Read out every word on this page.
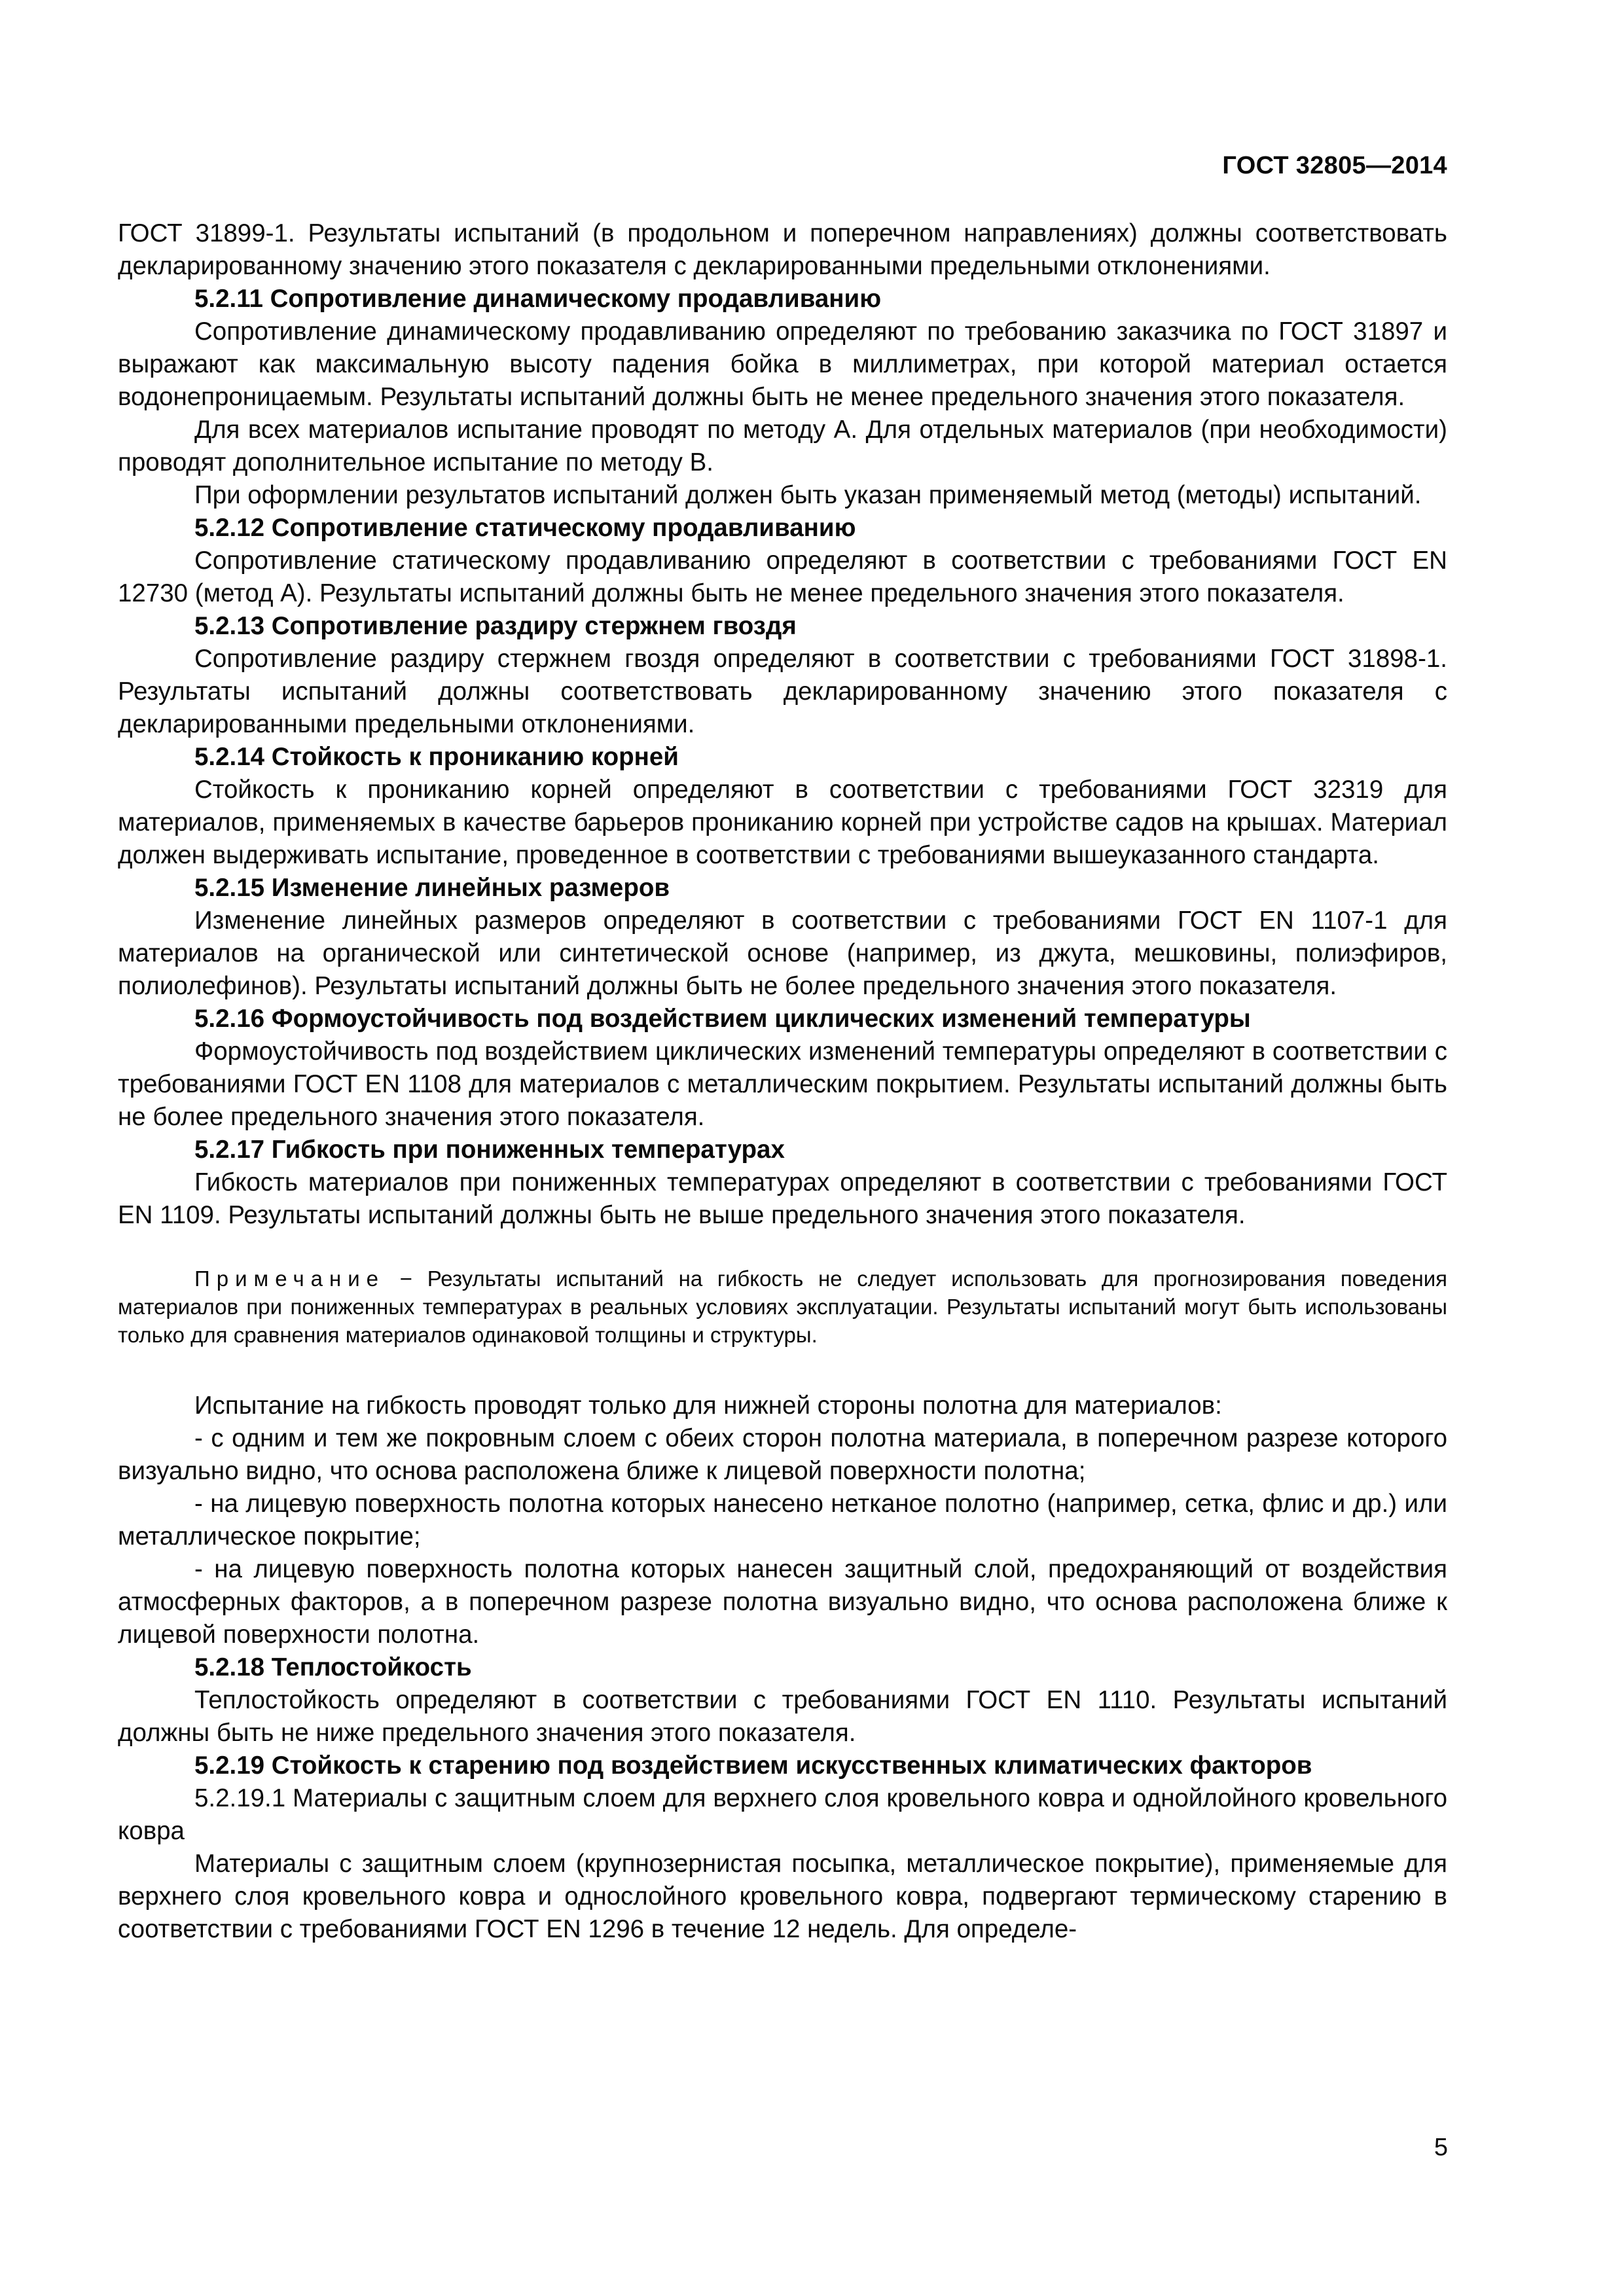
ГОСТ 32805—2014

ГОСТ 31899-1. Результаты испытаний (в продольном и поперечном направлениях) должны соответствовать декларированному значению этого показателя с декларированными предельными отклонениями.

5.2.11 Сопротивление динамическому продавливанию

Сопротивление динамическому продавливанию определяют по требованию заказчика по ГОСТ 31897 и выражают как максимальную высоту падения бойка в миллиметрах, при которой материал остается водонепроницаемым. Результаты испытаний должны быть не менее предельного значения этого показателя.

Для всех материалов испытание проводят по методу А. Для отдельных материалов (при необходимости) проводят дополнительное испытание по методу В.

При оформлении результатов испытаний должен быть указан применяемый метод (методы) испытаний.

5.2.12 Сопротивление статическому продавливанию

Сопротивление статическому продавливанию определяют в соответствии с требованиями ГОСТ EN 12730 (метод А). Результаты испытаний должны быть не менее предельного значения этого показателя.

5.2.13 Сопротивление раздиру стержнем гвоздя

Сопротивление раздиру стержнем гвоздя определяют в соответствии с требованиями ГОСТ 31898-1. Результаты испытаний должны соответствовать декларированному значению этого показателя с декларированными предельными отклонениями.

5.2.14 Стойкость к прониканию корней

Стойкость к прониканию корней определяют в соответствии с требованиями ГОСТ 32319 для материалов, применяемых в качестве барьеров прониканию корней при устройстве садов на крышах. Материал должен выдерживать испытание, проведенное в соответствии с требованиями вышеуказанного стандарта.

5.2.15 Изменение линейных размеров

Изменение линейных размеров определяют в соответствии с требованиями ГОСТ EN 1107-1 для материалов на органической или синтетической основе (например, из джута, мешковины, полиэфиров, полиолефинов). Результаты испытаний должны быть не более предельного значения этого показателя.

5.2.16 Формоустойчивость под воздействием циклических изменений температуры

Формоустойчивость под воздействием циклических изменений температуры определяют в соответствии с требованиями ГОСТ EN 1108 для материалов с металлическим покрытием. Результаты испытаний должны быть не более предельного значения этого показателя.

5.2.17 Гибкость при пониженных температурах

Гибкость материалов при пониженных температурах определяют в соответствии с требованиями ГОСТ EN 1109. Результаты испытаний должны быть не выше предельного значения этого показателя.

Примечание − Результаты испытаний на гибкость не следует использовать для прогнозирования поведения материалов при пониженных температурах в реальных условиях эксплуатации. Результаты испытаний могут быть использованы только для сравнения материалов одинаковой толщины и структуры.

Испытание на гибкость проводят только для нижней стороны полотна для материалов:

- с одним и тем же покровным слоем с обеих сторон полотна материала, в поперечном разрезе которого визуально видно, что основа расположена ближе к лицевой поверхности полотна;

- на лицевую поверхность полотна которых нанесено нетканое полотно (например, сетка, флис и др.) или металлическое покрытие;

- на лицевую поверхность полотна которых нанесен защитный слой, предохраняющий от воздействия атмосферных факторов, а в поперечном разрезе полотна визуально видно, что основа расположена ближе к лицевой поверхности полотна.

5.2.18 Теплостойкость

Теплостойкость определяют в соответствии с требованиями ГОСТ EN 1110. Результаты испытаний должны быть не ниже предельного значения этого показателя.

5.2.19 Стойкость к старению под воздействием искусственных климатических факторов

5.2.19.1 Материалы с защитным слоем для верхнего слоя кровельного ковра и однойлойного кровельного ковра

Материалы с защитным слоем (крупнозернистая посыпка, металлическое покрытие), применяемые для верхнего слоя кровельного ковра и однослойного кровельного ковра, подвергают термическому старению в соответствии с требованиями ГОСТ EN 1296 в течение 12 недель. Для определе-

5
